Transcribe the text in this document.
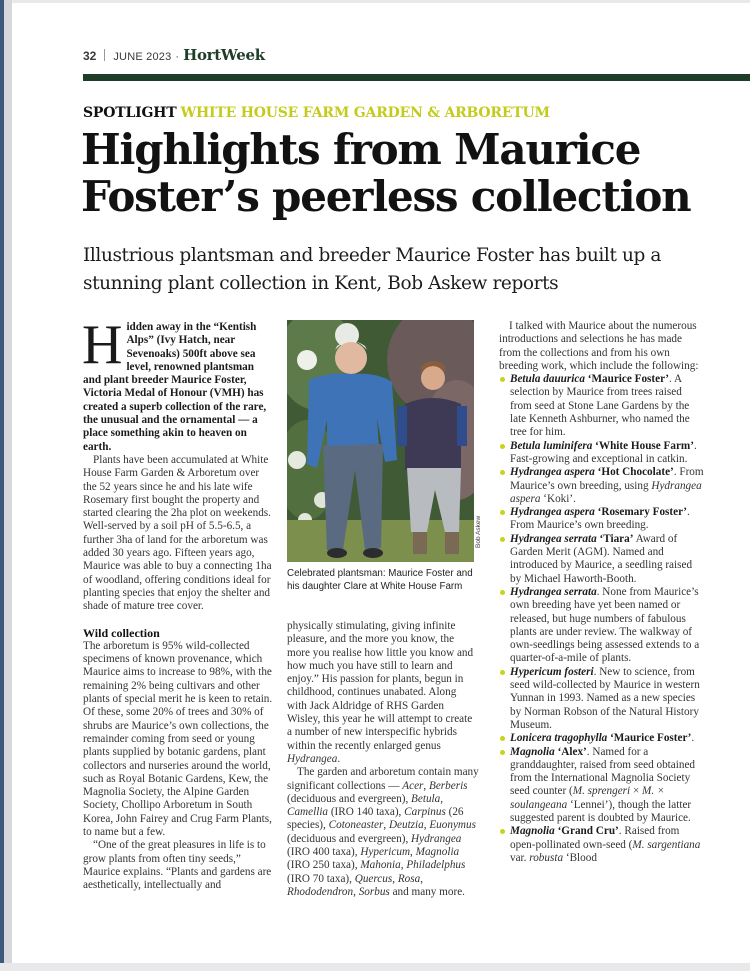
32 JUNE 2023 · HortWeek
SPOTLIGHT WHITE HOUSE FARM GARDEN & ARBORETUM
Highlights from Maurice Foster’s peerless collection

Illustrious plantsman and breeder Maurice Foster has built up a stunning plant collection in Kent, Bob Askew reports

Hidden away in the “Kentish Alps” (Ivy Hatch, near Sevenoaks) 500ft above sea level, renowned plantsman and plant breeder Maurice Foster, Victoria Medal of Honour (VMH) has created a superb collection of the rare, the unusual and the ornamental — a place something akin to heaven on earth.

Plants have been accumulated at White House Farm Garden & Arboretum over the 52 years since he and his late wife Rosemary first bought the property and started clearing the 2ha plot on weekends. Well-served by a soil pH of 5.5-6.5, a further 3ha of land for the arboretum was added 30 years ago. Fifteen years ago, Maurice was able to buy a connecting 1ha of woodland, offering conditions ideal for planting species that enjoy the shelter and shade of mature tree cover.

Wild collection

The arboretum is 95% wild-collected specimens of known provenance, which Maurice aims to increase to 98%, with the remaining 2% being cultivars and other plants of special merit he is keen to retain. Of these, some 20% of trees and 30% of shrubs are Maurice’s own collections, the remainder coming from seed or young plants supplied by botanic gardens, plant collectors and nurseries around the world, such as Royal Botanic Gardens, Kew, the Magnolia Society, the Alpine Garden Society, Chollipo Arboretum in South Korea, John Fairey and Crug Farm Plants, to name but a few.

“One of the great pleasures in life is to grow plants from often tiny seeds,” Maurice explains. “Plants and gardens are aesthetically, intellectually and

Bob Askew
Celebrated plantsman: Maurice Foster and his daughter Clare at White House Farm

physically stimulating, giving infinite pleasure, and the more you know, the more you realise how little you know and how much you have still to learn and enjoy.” His passion for plants, begun in childhood, continues unabated. Along with Jack Aldridge of RHS Garden Wisley, this year he will attempt to create a number of new interspecific hybrids within the recently enlarged genus Hydrangea.

The garden and arboretum contain many significant collections — Acer, Berberis (deciduous and evergreen), Betula, Camellia (IRO 140 taxa), Carpinus (26 species), Cotoneaster, Deutzia, Euonymus (deciduous and evergreen), Hydrangea (IRO 400 taxa), Hypericum, Magnolia (IRO 250 taxa), Mahonia, Philadelphus (IRO 70 taxa), Quercus, Rosa, Rhododendron, Sorbus and many more.

I talked with Maurice about the numerous introductions and selections he has made from the collections and from his own breeding work, which include the following:

Betula dauurica ‘Maurice Foster’. A selection by Maurice from trees raised from seed at Stone Lane Gardens by the late Kenneth Ashburner, who named the tree for him.
Betula luminifera ‘White House Farm’. Fast-growing and exceptional in catkin.
Hydrangea aspera ‘Hot Chocolate’. From Maurice’s own breeding, using Hydrangea aspera ‘Koki’.
Hydrangea aspera ‘Rosemary Foster’. From Maurice’s own breeding.
Hydrangea serrata ‘Tiara’ Award of Garden Merit (AGM). Named and introduced by Maurice, a seedling raised by Michael Haworth-Booth.
Hydrangea serrata. None from Maurice’s own breeding have yet been named or released, but huge numbers of fabulous plants are under review. The walkway of own-seedlings being assessed extends to a quarter-of-a-mile of plants.
Hypericum fosteri. New to science, from seed wild-collected by Maurice in western Yunnan in 1993. Named as a new species by Norman Robson of the Natural History Museum.
Lonicera tragophylla ‘Maurice Foster’.
Magnolia ‘Alex’. Named for a granddaughter, raised from seed obtained from the International Magnolia Society seed counter (M. sprengeri × M. × soulangeana ‘Lennei’), though the latter suggested parent is doubted by Maurice.
Magnolia ‘Grand Cru’. Raised from open-pollinated own-seed (M. sargentiana var. robusta ‘Blood
